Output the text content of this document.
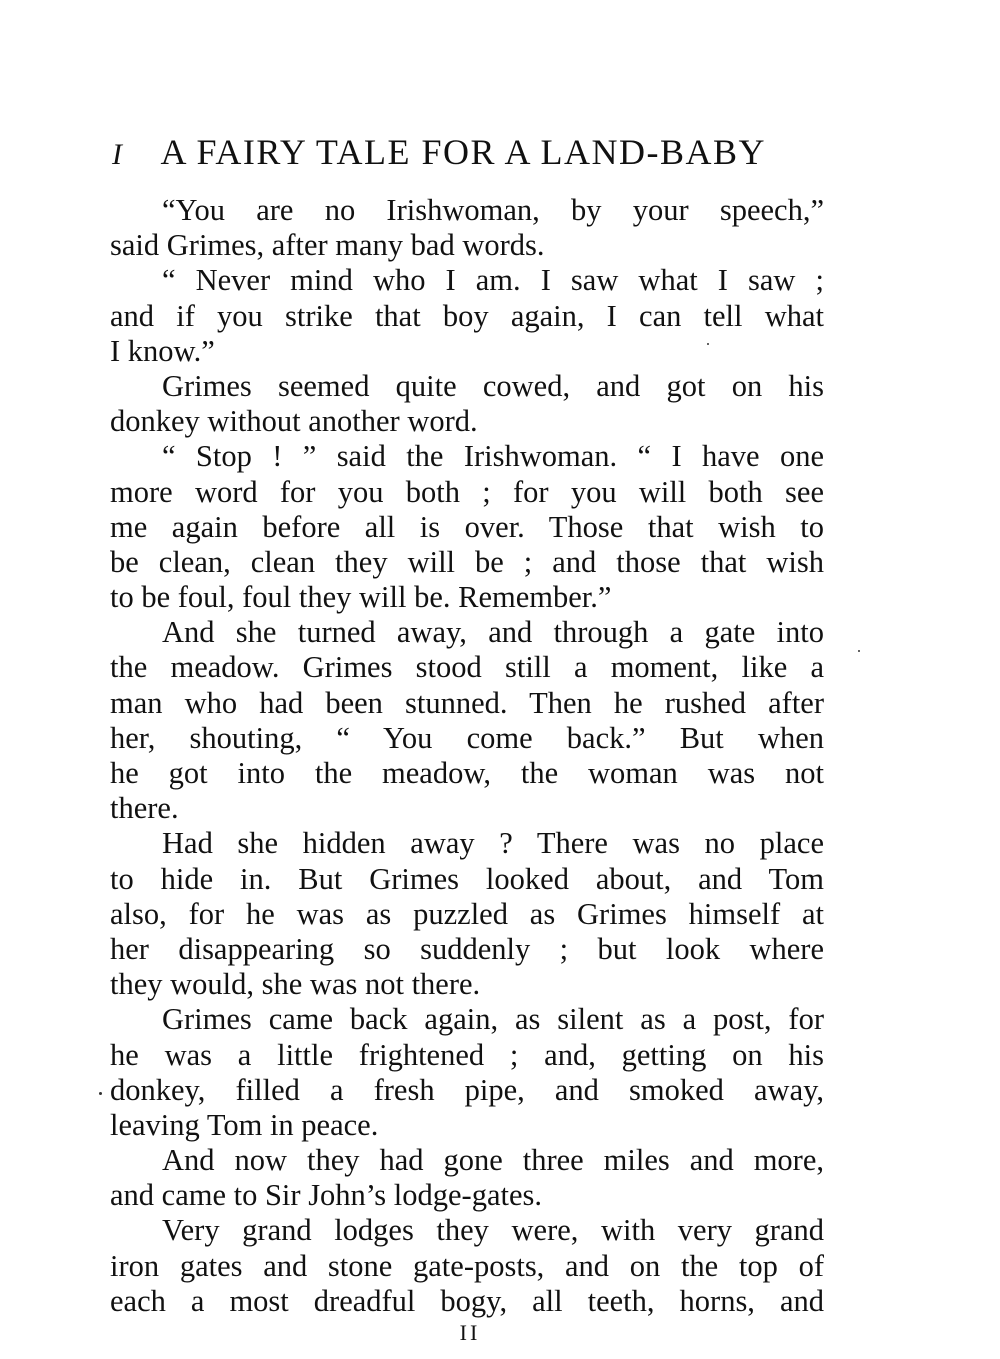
I A FAIRY TALE FOR A LAND-BABY
“You are no Irishwoman, by your speech,”
said Grimes, after many bad words.
“ Never mind who I am. I saw what I saw ;
and if you strike that boy again, I can tell what
I know.”
Grimes seemed quite cowed, and got on his
donkey without another word.
“ Stop ! ” said the Irishwoman. “ I have one
more word for you both ; for you will both see
me again before all is over. Those that wish to
be clean, clean they will be ; and those that wish
to be foul, foul they will be. Remember.”
And she turned away, and through a gate into
the meadow. Grimes stood still a moment, like a
man who had been stunned. Then he rushed after
her, shouting, “ You come back.” But when
he got into the meadow, the woman was not
there.
Had she hidden away ? There was no place
to hide in. But Grimes looked about, and Tom
also, for he was as puzzled as Grimes himself at
her disappearing so suddenly ; but look where
they would, she was not there.
Grimes came back again, as silent as a post, for
he was a little frightened ; and, getting on his
donkey, filled a fresh pipe, and smoked away,
leaving Tom in peace.
And now they had gone three miles and more,
and came to Sir John’s lodge-gates.
Very grand lodges they were, with very grand
iron gates and stone gate-posts, and on the top of
each a most dreadful bogy, all teeth, horns, and
II
